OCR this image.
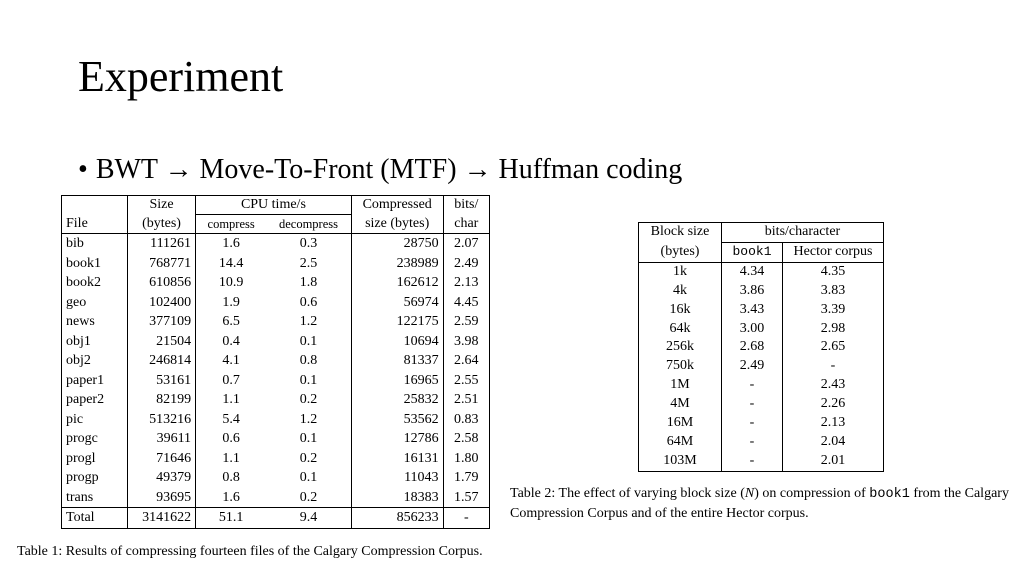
Experiment
• BWT → Move-To-Front (MTF) → Huffman coding
	Size	CPU time/s		Compressed	bits/
File	(bytes)	compress	decompress	size (bytes)	char
bib	111261	1.6	0.3	28750	2.07
book1	768771	14.4	2.5	238989	2.49
book2	610856	10.9	1.8	162612	2.13
geo	102400	1.9	0.6	56974	4.45
news	377109	6.5	1.2	122175	2.59
obj1	21504	0.4	0.1	10694	3.98
obj2	246814	4.1	0.8	81337	2.64
paper1	53161	0.7	0.1	16965	2.55
paper2	82199	1.1	0.2	25832	2.51
pic	513216	5.4	1.2	53562	0.83
progc	39611	0.6	0.1	12786	2.58
progl	71646	1.1	0.2	16131	1.80
progp	49379	0.8	0.1	11043	1.79
trans	93695	1.6	0.2	18383	1.57
Total	3141622	51.1	9.4	856233	-
Block size	bits/character	
(bytes)	book1	Hector corpus
1k	4.34	4.35
4k	3.86	3.83
16k	3.43	3.39
64k	3.00	2.98
256k	2.68	2.65
750k	2.49	-
1M	-	2.43
4M	-	2.26
16M	-	2.13
64M	-	2.04
103M	-	2.01
Table 2: The effect of varying block size (N) on compression of book1 from the Calgary Compression Corpus and of the entire Hector corpus.
Table 1: Results of compressing fourteen files of the Calgary Compression Corpus.
